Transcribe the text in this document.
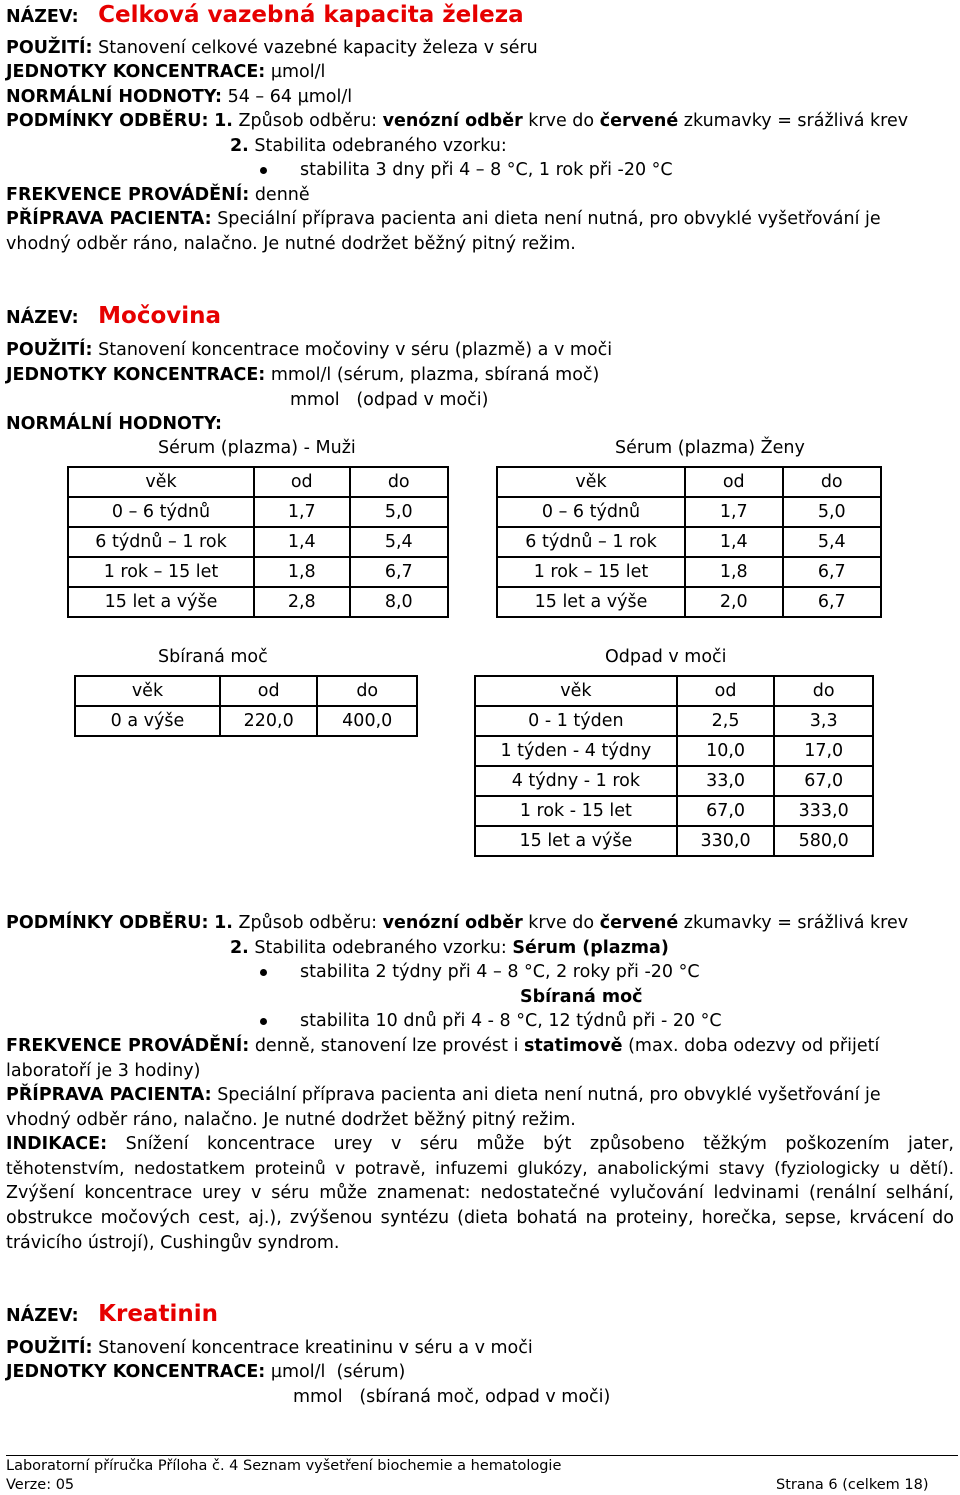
NÁZEV: Celková vazebná kapacita železa
POUŽITÍ: Stanovení celkové vazebné kapacity železa v séru
JEDNOTKY KONCENTRACE: µmol/l
NORMÁLNÍ HODNOTY: 54 – 64 µmol/l
PODMÍNKY ODBĚRU: 1. Způsob odběru: venózní odběr krve do červené zkumavky = srážlivá krev
2. Stabilita odebraného vzorku:
stabilita 3 dny při 4 – 8 °C, 1 rok při -20 °C
FREKVENCE PROVÁDĚNÍ: denně
PŘÍPRAVA PACIENTA: Speciální příprava pacienta ani dieta není nutná, pro obvyklé vyšetřování je
vhodný odběr ráno, nalačno. Je nutné dodržet běžný pitný režim.
NÁZEV: Močovina
POUŽITÍ: Stanovení koncentrace močoviny v séru (plazmě) a v moči
JEDNOTKY KONCENTRACE: mmol/l (sérum, plazma, sbíraná moč)
mmol   (odpad v moči)
NORMÁLNÍ HODNOTY:
Sérum (plazma) - Muži	Sérum (plazma) Ženy
věk	od	do
0 – 6 týdnů	1,7	5,0
6 týdnů – 1 rok	1,4	5,4
1 rok – 15 let	1,8	6,7
15 let a výše	2,8	8,0
věk	od	do
0 – 6 týdnů	1,7	5,0
6 týdnů – 1 rok	1,4	5,4
1 rok – 15 let	1,8	6,7
15 let a výše	2,0	6,7
Sbíraná moč	Odpad v moči
věk	od	do
0 a výše	220,0	400,0
věk	od	do
0 - 1 týden	2,5	3,3
1 týden - 4 týdny	10,0	17,0
4 týdny - 1 rok	33,0	67,0
1 rok - 15 let	67,0	333,0
15 let a výše	330,0	580,0
PODMÍNKY ODBĚRU: 1. Způsob odběru: venózní odběr krve do červené zkumavky = srážlivá krev
2. Stabilita odebraného vzorku: Sérum (plazma)
stabilita 2 týdny při 4 – 8 °C, 2 roky při -20 °C
Sbíraná moč
stabilita 10 dnů při 4 - 8 °C, 12 týdnů při - 20 °C
FREKVENCE PROVÁDĚNÍ: denně, stanovení lze provést i statimově (max. doba odezvy od přijetí
laboratoří je 3 hodiny)
PŘÍPRAVA PACIENTA: Speciální příprava pacienta ani dieta není nutná, pro obvyklé vyšetřování je
vhodný odběr ráno, nalačno. Je nutné dodržet běžný pitný režim.
INDIKACE: Snížení koncentrace urey v séru může být způsobeno těžkým poškozením jater,
těhotenstvím, nedostatkem proteinů v potravě, infuzemi glukózy, anabolickými stavy (fyziologicky u dětí).
Zvýšení koncentrace urey v séru může znamenat: nedostatečné vylučování ledvinami (renální selhání,
obstrukce močových cest, aj.), zvýšenou syntézu (dieta bohatá na proteiny, horečka, sepse, krvácení do
trávicího ústrojí), Cushingův syndrom.
NÁZEV: Kreatinin
POUŽITÍ: Stanovení koncentrace kreatininu v séru a v moči
JEDNOTKY KONCENTRACE: µmol/l  (sérum)
mmol   (sbíraná moč, odpad v moči)
Laboratorní příručka Příloha č. 4 Seznam vyšetření biochemie a hematologie
Verze: 05	Strana 6 (celkem 18)
